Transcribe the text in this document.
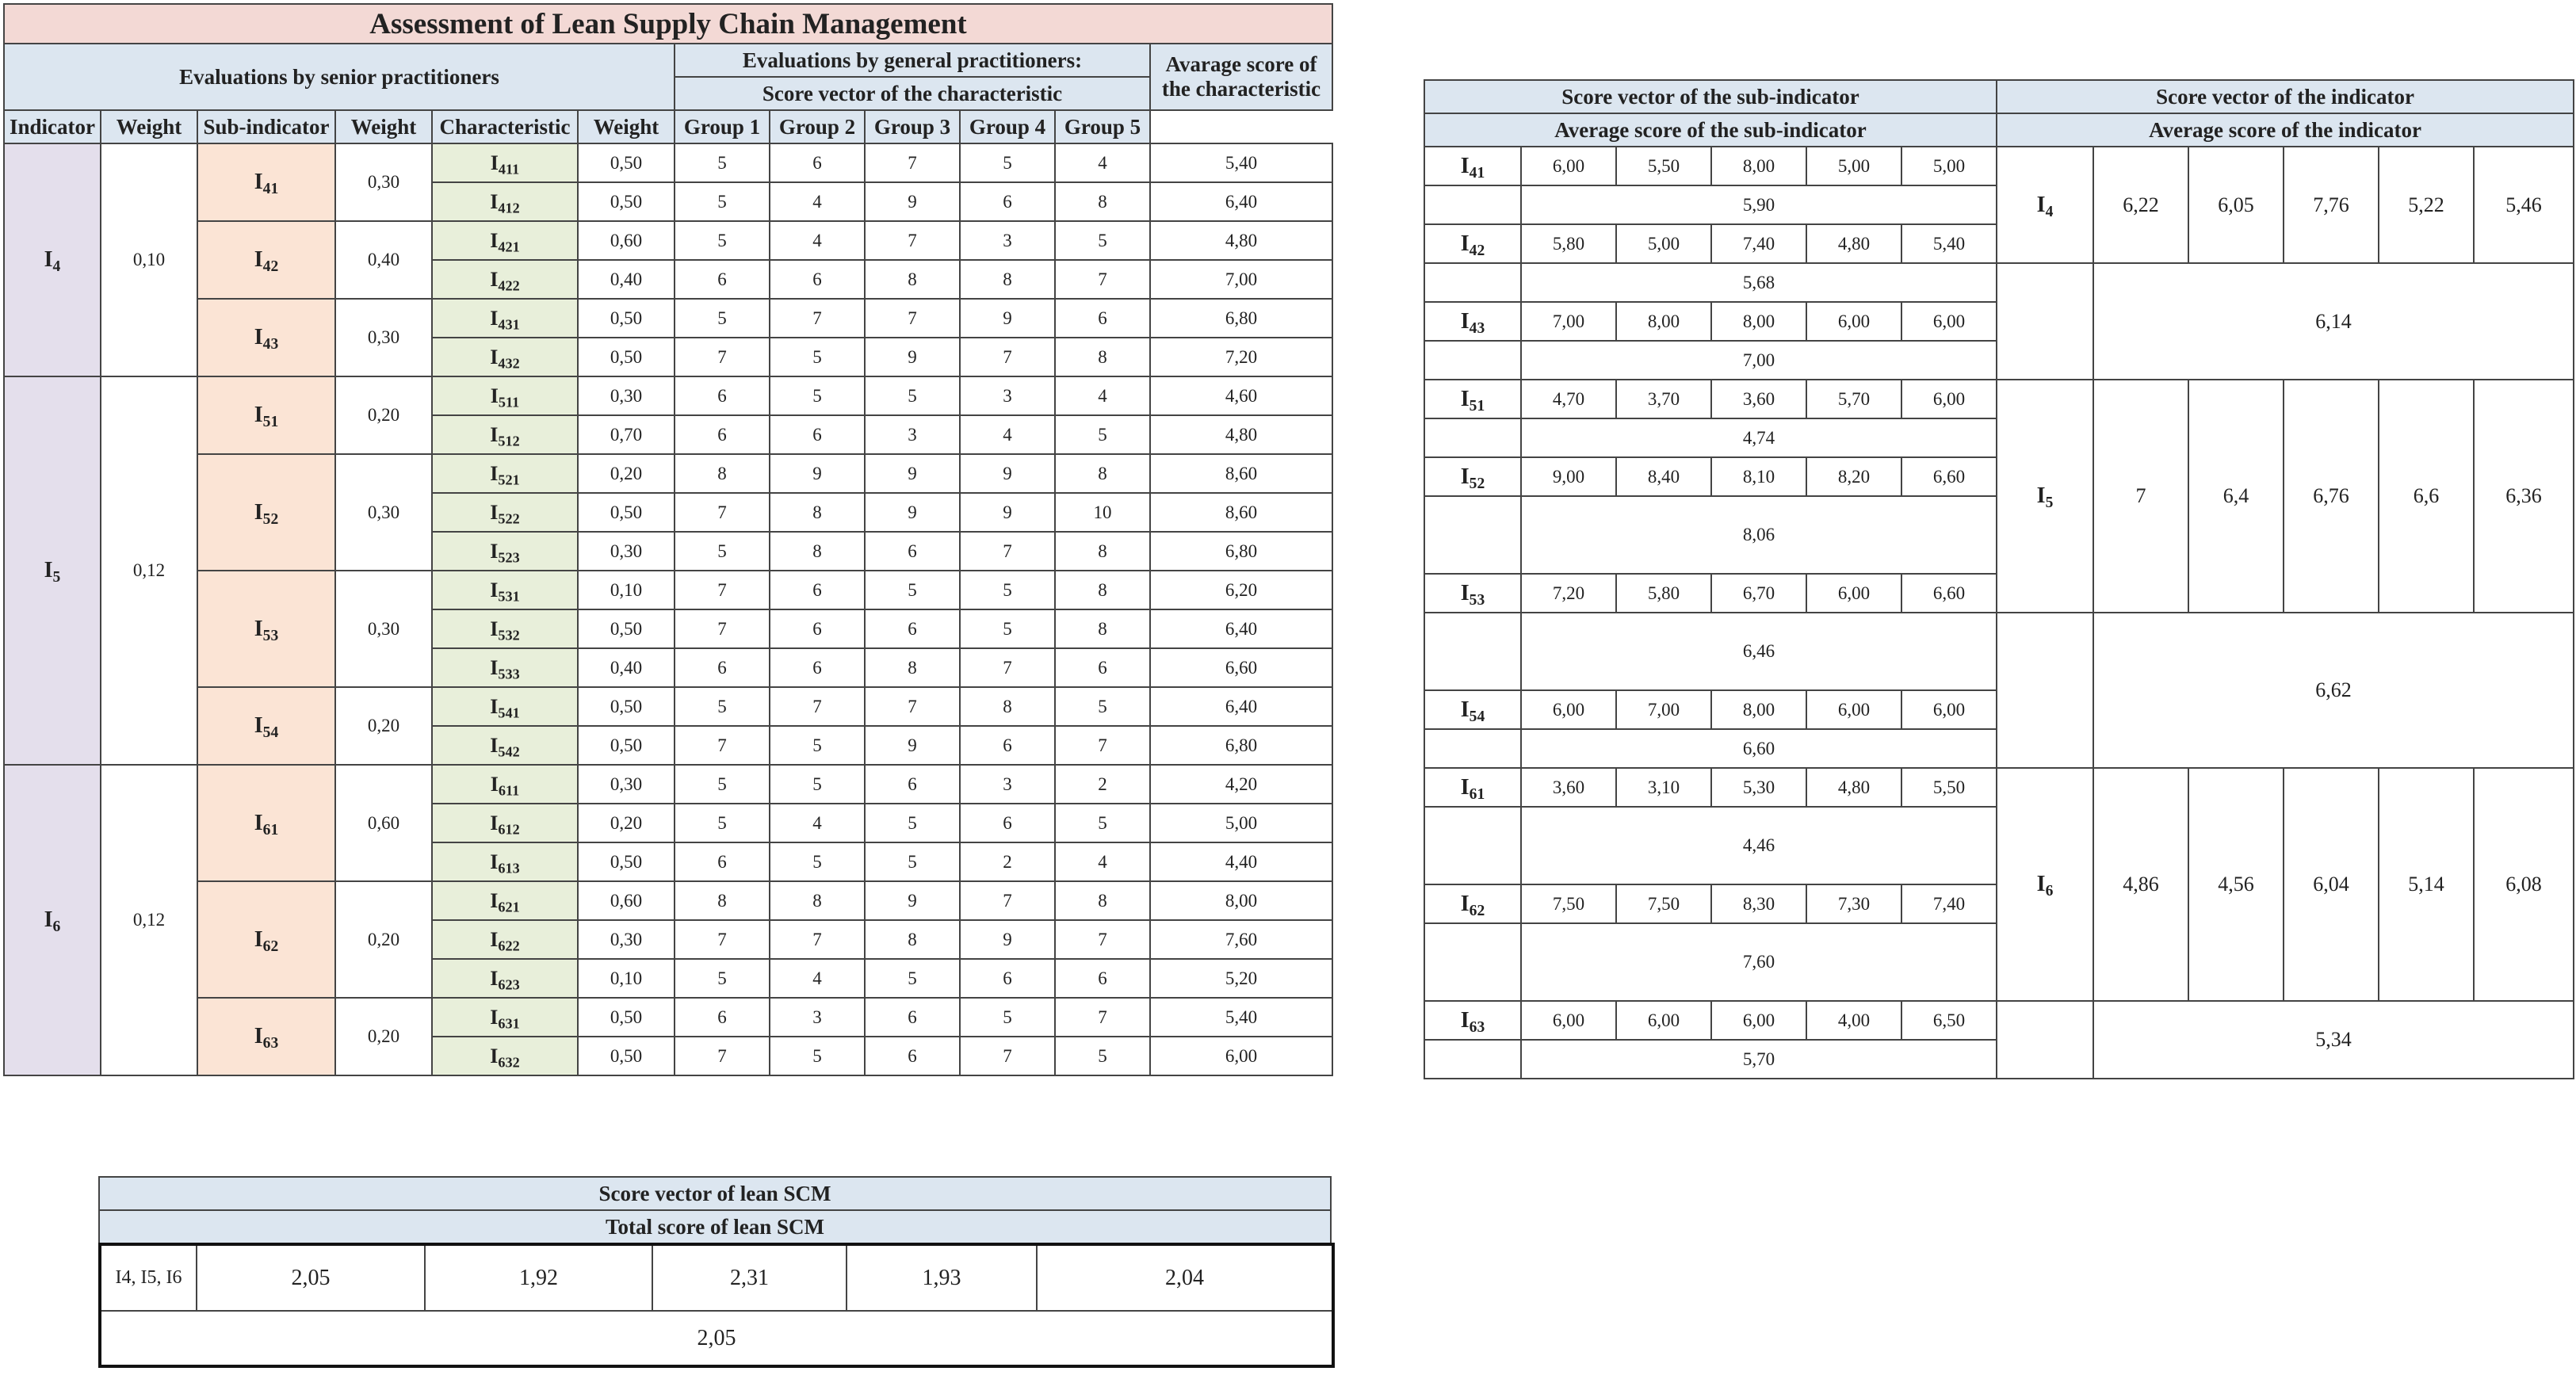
Assessment of Lean Supply Chain Management											
Evaluations by senior practitioners						Evaluations by general practitioners:					Avarage score of
the characteristic

						Score vector of the characteristic					
Indicator	Weight	Sub-indicator	Weight	Characteristic	Weight	Group 1	Group 2	Group 3	Group 4	Group 5	
$I_4$	0,10	$I_{41}$	0,30	$I_{411}$	0,50	5	6	7	5	4	5,40
				$I_{412}$	0,50	5	4	9	6	8	6,40
		$I_{42}$	0,40	$I_{421}$	0,60	5	4	7	3	5	4,80
				$I_{422}$	0,40	6	6	8	8	7	7,00
		$I_{43}$	0,30	$I_{431}$	0,50	5	7	7	9	6	6,80
				$I_{432}$	0,50	7	5	9	7	8	7,20
$I_5$	0,12	$I_{51}$	0,20	$I_{511}$	0,30	6	5	5	3	4	4,60
				$I_{512}$	0,70	6	6	3	4	5	4,80
		$I_{52}$	0,30	$I_{521}$	0,20	8	9	9	9	8	8,60
				$I_{522}$	0,50	7	8	9	9	10	8,60
				$I_{523}$	0,30	5	8	6	7	8	6,80
		$I_{53}$	0,30	$I_{531}$	0,10	7	6	5	5	8	6,20
				$I_{532}$	0,50	7	6	6	5	8	6,40
				$I_{533}$	0,40	6	6	8	7	6	6,60
		$I_{54}$	0,20	$I_{541}$	0,50	5	7	7	8	5	6,40
				$I_{542}$	0,50	7	5	9	6	7	6,80
$I_6$	0,12	$I_{61}$	0,60	$I_{611}$	0,30	5	5	6	3	2	4,20
				$I_{612}$	0,20	5	4	5	6	5	5,00
				$I_{613}$	0,50	6	5	5	2	4	4,40
		$I_{62}$	0,20	$I_{621}$	0,60	8	8	9	7	8	8,00
				$I_{622}$	0,30	7	7	8	9	7	7,60
				$I_{623}$	0,10	5	4	5	6	6	5,20
		$I_{63}$	0,20	$I_{631}$	0,50	6	3	6	5	7	5,40
				$I_{632}$	0,50	7	5	6	7	5	6,00
Score vector of the sub-indicator						Score vector of the indicator					
Average score of the sub-indicator						Average score of the indicator					
$I_{41}$	6,00	5,50	8,00	5,00	5,00	$I_4$	6,22	6,05	7,76	5,22	5,46
	5,90										
$I_{42}$	5,80	5,00	7,40	4,80	5,40						
	5,68						6,14				
$I_{43}$	7,00	8,00	8,00	6,00	6,00						
	7,00										
$I_{51}$	4,70	3,70	3,60	5,70	6,00	$I_5$	7	6,4	6,76	6,6	6,36
	4,74										
$I_{52}$	9,00	8,40	8,10	8,20	6,60						
	8,06										
$I_{53}$	7,20	5,80	6,70	6,00	6,60						
	6,46						6,62				
$I_{54}$	6,00	7,00	8,00	6,00	6,00						
	6,60										
$I_{61}$	3,60	3,10	5,30	4,80	5,50	$I_6$	4,86	4,56	6,04	5,14	6,08
	4,46										
$I_{62}$	7,50	7,50	8,30	7,30	7,40						
	7,60										
$I_{63}$	6,00	6,00	6,00	4,00	6,50		5,34				
	5,70										
Score vector of lean SCM
Total score of lean SCM
I4, I5, I6	2,05	1,92	2,31	1,93	2,04
2,05
